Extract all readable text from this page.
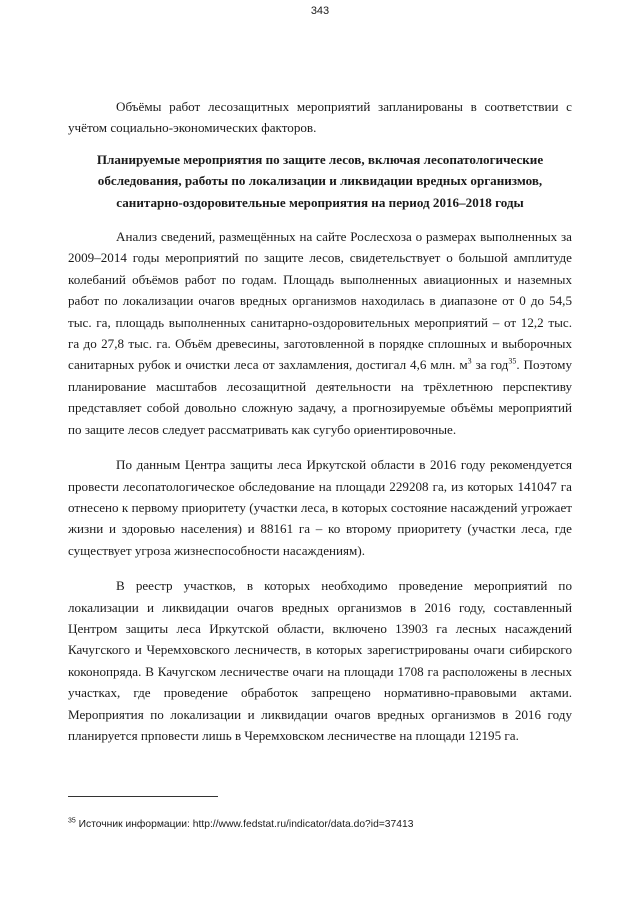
343

Объёмы работ лесозащитных мероприятий запланированы в соответствии с учётом социально-экономических факторов.

Планируемые мероприятия по защите лесов, включая лесопатологические обследования, работы по локализации и ликвидации вредных организмов, санитарно-оздоровительные мероприятия на период 2016–2018 годы

Анализ сведений, размещённых на сайте Рослесхоза о размерах выполненных за 2009–2014 годы мероприятий по защите лесов, свидетельствует о большой амплитуде колебаний объёмов работ по годам. Площадь выполненных авиационных и наземных работ по локализации очагов вредных организмов находилась в диапазоне от 0 до 54,5 тыс. га, площадь выполненных санитарно-оздоровительных мероприятий – от 12,2 тыс. га до 27,8 тыс. га. Объём древесины, заготовленной в порядке сплошных и выборочных санитарных рубок и очистки леса от захламления, достигал 4,6 млн. $м^3$ за год$^{35}$. Поэтому планирование масштабов лесозащитной деятельности на трёхлетнюю перспективу представляет собой довольно сложную задачу, а прогнозируемые объёмы мероприятий по защите лесов следует рассматривать как сугубо ориентировочные.

По данным Центра защиты леса Иркутской области в 2016 году рекомендуется провести лесопатологическое обследование на площади 229208 га, из которых 141047 га отнесено к первому приоритету (участки леса, в которых состояние насаждений угрожает жизни и здоровью населения) и 88161 га – ко второму приоритету (участки леса, где существует угроза жизнеспособности насаждениям).

В реестр участков, в которых необходимо проведение мероприятий по локализации и ликвидации очагов вредных организмов в 2016 году, составленный Центром защиты леса Иркутской области, включено 13903 га лесных насаждений Качугского и Черемховского лесничеств, в которых зарегистрированы очаги сибирского коконопряда. В Качугском лесничестве очаги на площади 1708 га расположены в лесных участках, где проведение обработок запрещено нормативно-правовыми актами. Мероприятия по локализации и ликвидации очагов вредных организмов в 2016 году планируется прповести лишь в Черемховском лесничестве на площади 12195 га.

$^{35}$ Источник информации: http://www.fedstat.ru/indicator/data.do?id=37413
